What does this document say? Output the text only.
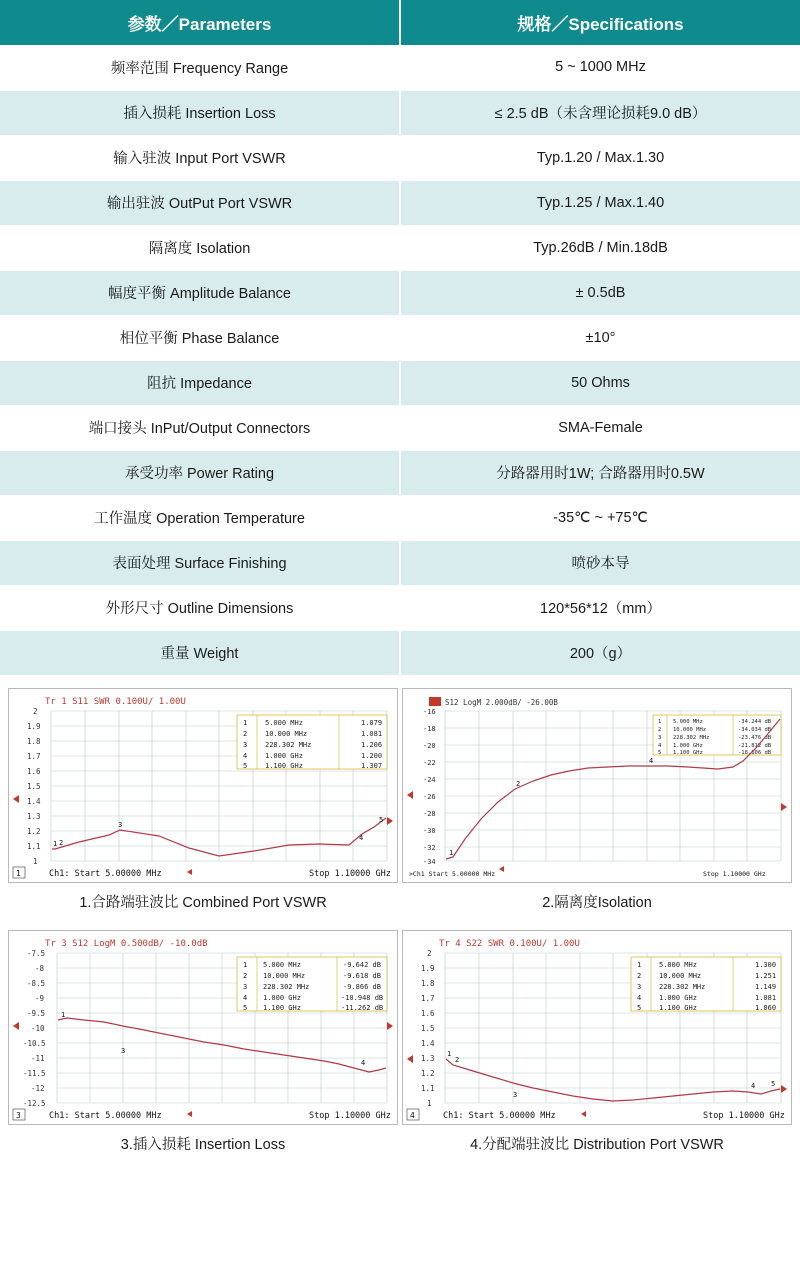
参数／Parameters	规格／Specifications
频率范围 Frequency Range	5 ~ 1000 MHz
插入损耗 Insertion Loss	≤ 2.5 dB（未含理论损耗9.0 dB）
输入驻波 Input Port VSWR	Typ.1.20 / Max.1.30
输出驻波 OutPut Port VSWR	Typ.1.25 / Max.1.40
隔离度 Isolation	Typ.26dB / Min.18dB
幅度平衡 Amplitude Balance	± 0.5dB
相位平衡 Phase Balance	±10°
阻抗 Impedance	50 Ohms
端口接头 InPut/Output Connectors	SMA-Female
承受功率 Power Rating	分路器用时1W; 合路器用时0.5W
工作温度 Operation Temperature	-35℃ ~ +75℃
表面处理 Surface Finishing	喷砂本导
外形尺寸 Outline Dimensions	120*56*12（mm）
重量 Weight	200（g）
Tr 1 S11 SWR 0.100U/ 1.00U
2
1.9
1.8
1.7
1.6
1.5
1.4
1.3
1.2
1.1
1
1	5.000 MHz	1.079
2	10.000 MHz	1.081
3	228.302 MHz	1.206
4	1.000 GHz	1.200
5	1.100 GHz	1.307
1 2
3
4
5
1	Ch1: Start 5.00000 MHz	Stop 1.10000 GHz
1.合路端驻波比 Combined Port VSWR
S12 LogM 2.000dB/ -26.00B
-16
-18
-20
-22
-24
-26
-28
-30
-32
-34
1 5.000 MHz	-34.244 dB
2 10.000 MHz	-34.034 dB
3 228.302 MHz	-23.476 dB
4 1.000 GHz	-21.812 dB
5 1.100 GHz	-18.606 dB
1
2
4
>Ch1 Start 5.00000 MHz	Stop 1.10000 GHz
2.隔离度Isolation
Tr 3 S12 LogM 0.500dB/ -10.0dB
-7.5
-8
-8.5
-9
-9.5
-10
-10.5
-11
-11.5
-12
-12.5
1 5.000 MHz	-9.642 dB
2 10.000 MHz	-9.618 dB
3 228.302 MHz	-9.866 dB
4 1.000 GHz	-10.948 dB
5 1.100 GHz	-11.262 dB
1
3
4
3	Ch1: Start 5.00000 MHz	Stop 1.10000 GHz
3.插入损耗 Insertion Loss
Tr 4 S22 SWR 0.100U/ 1.00U
2
1.9
1.8
1.7
1.6
1.5
1.4
1.3
1.2
1.1
1
1	5.000 MHz	1.300
2	10.000 MHz	1.251
3	228.302 MHz	1.149
4	1.000 GHz	1.081
5	1.100 GHz	1.060
1
2
3
4 5
4	Ch1: Start 5.00000 MHz	Stop 1.10000 GHz
4.分配端驻波比 Distribution Port VSWR
